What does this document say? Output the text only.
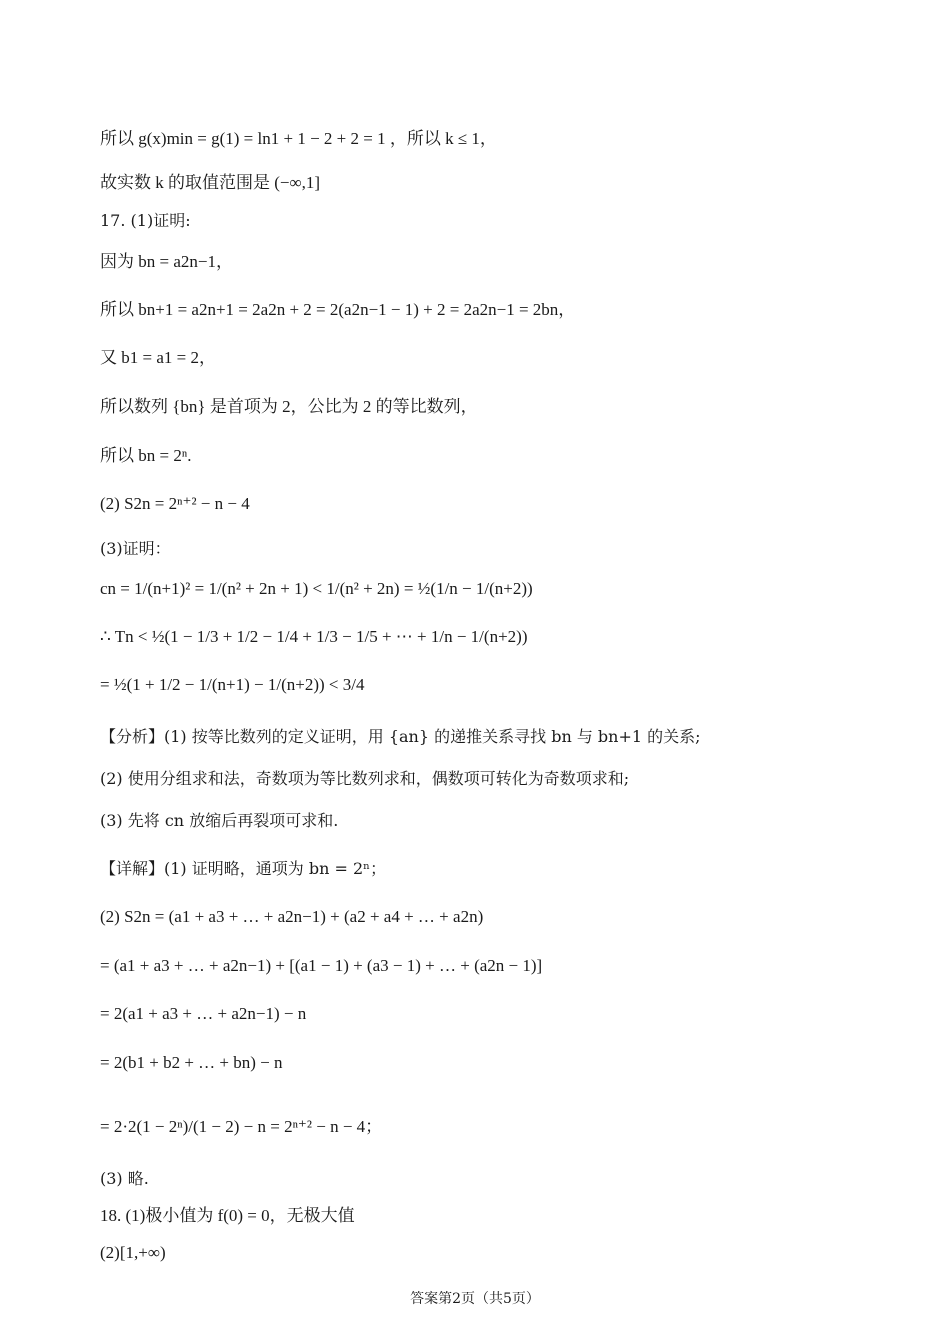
所以 g(x)min = g(1) = ln1 + 1 − 2 + 2 = 1 ，所以 k ≤ 1，
故实数 k 的取值范围是 (−∞,1]
17. (1)证明:
因为 bn = a2n−1，
所以 bn+1 = a2n+1 = 2a2n + 2 = 2(a2n−1 − 1) + 2 = 2a2n−1 = 2bn，
又 b1 = a1 = 2，
所以数列 {bn} 是首项为 2，公比为 2 的等比数列，
所以 bn = 2ⁿ.
(2) S2n = 2ⁿ⁺² − n − 4
(3)证明：
cn = 1/(n+1)² = 1/(n² + 2n + 1) < 1/(n² + 2n) = ½(1/n − 1/(n+2))
∴ Tn < ½(1 − 1/3 + 1/2 − 1/4 + 1/3 − 1/5 + ⋯ + 1/n − 1/(n+2))
= ½(1 + 1/2 − 1/(n+1) − 1/(n+2)) < 3/4
【分析】(1) 按等比数列的定义证明，用 {an} 的递推关系寻找 bn 与 bn+1 的关系;
(2) 使用分组求和法，奇数项为等比数列求和，偶数项可转化为奇数项求和;
(3) 先将 cn 放缩后再裂项可求和.
【详解】(1) 证明略，通项为 bn = 2ⁿ；
(2) S2n = (a1 + a3 + … + a2n−1) + (a2 + a4 + … + a2n)
= (a1 + a3 + … + a2n−1) + [(a1 − 1) + (a3 − 1) + … + (a2n − 1)]
= 2(a1 + a3 + … + a2n−1) − n
= 2(b1 + b2 + … + bn) − n
= 2·2(1 − 2ⁿ)/(1 − 2) − n = 2ⁿ⁺² − n − 4；
(3) 略.
18. (1)极小值为 f(0) = 0，无极大值
(2)[1,+∞)
答案第2页（共5页）
